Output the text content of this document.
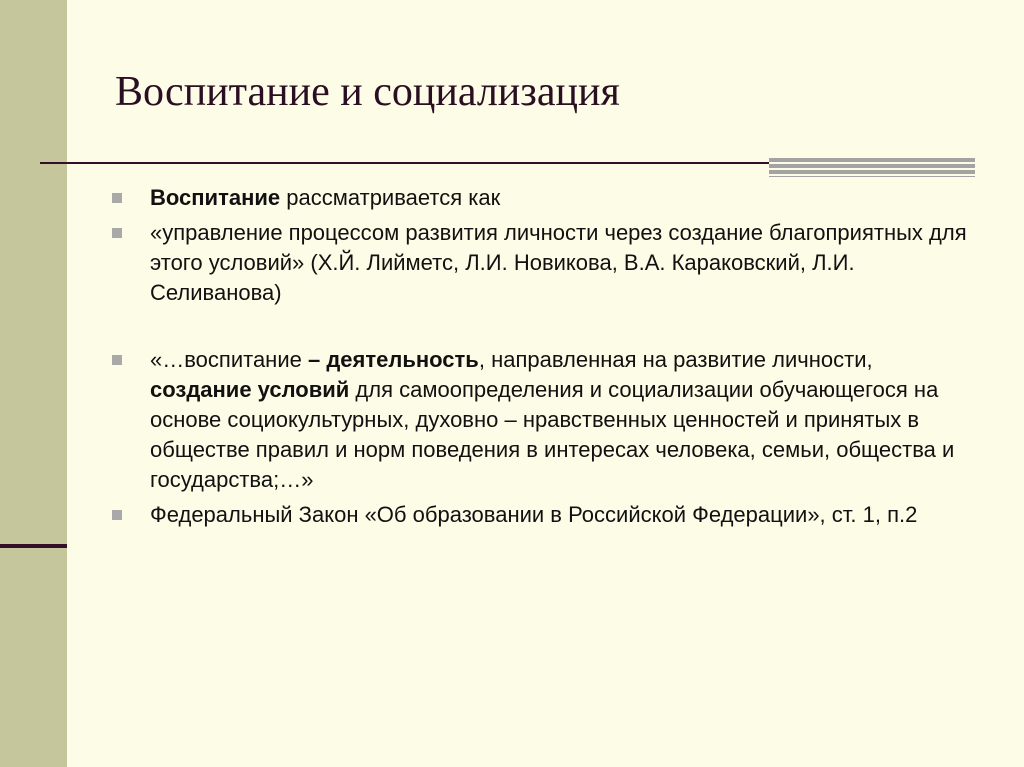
Воспитание и социализация
Воспитание рассматривается как
«управление процессом развития личности через создание благоприятных для этого условий» (Х.Й. Лийметс, Л.И. Новикова, В.А. Караковский, Л.И. Селиванова)
«…воспитание – деятельность, направленная на развитие личности, создание условий для самоопределения и социализации обучающегося на основе социокультурных, духовно – нравственных ценностей и принятых в обществе правил и норм поведения в интересах человека, семьи, общества и государства;…»
Федеральный Закон «Об образовании в Российской Федерации», ст. 1, п.2
